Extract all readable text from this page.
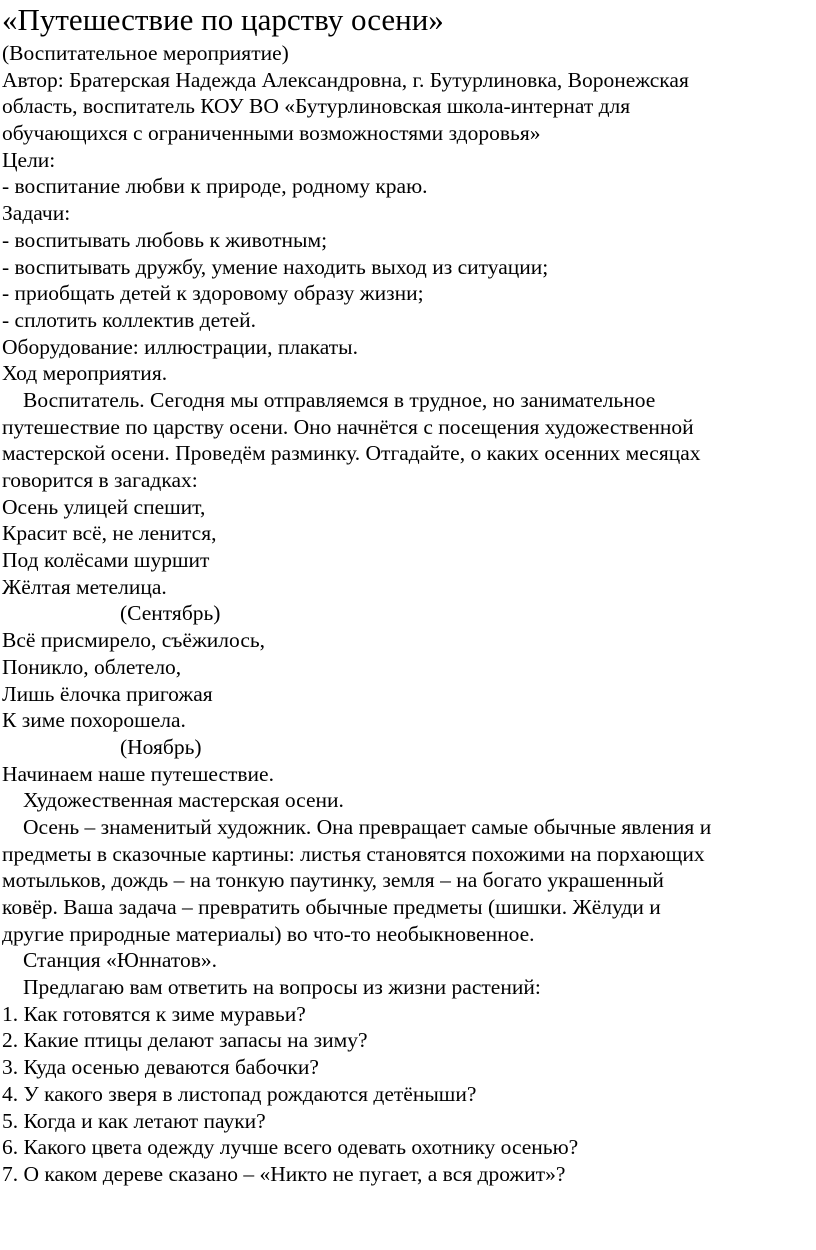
«Путешествие по царству осени»
(Воспитательное мероприятие)
Автор: Братерская Надежда Александровна, г. Бутурлиновка, Воронежская
область, воспитатель КОУ ВО «Бутурлиновская школа-интернат для
обучающихся с ограниченными возможностями здоровья»
Цели:
- воспитание любви к природе, родному краю.
Задачи:
- воспитывать любовь к животным;
- воспитывать дружбу, умение находить выход из ситуации;
- приобщать детей к здоровому образу жизни;
- сплотить коллектив детей.
Оборудование: иллюстрации, плакаты.
Ход мероприятия.
Воспитатель. Сегодня мы отправляемся в трудное, но занимательное
путешествие по царству осени. Оно начнётся с посещения художественной
мастерской осени. Проведём разминку. Отгадайте, о каких осенних месяцах
говорится в загадках:
Осень улицей спешит,
Красит всё, не ленится,
Под колёсами шуршит
Жёлтая метелица.
(Сентябрь)
Всё присмирело, съёжилось,
Поникло, облетело,
Лишь ёлочка пригожая
К зиме похорошела.
(Ноябрь)
Начинаем наше путешествие.
Художественная мастерская осени.
Осень – знаменитый художник. Она превращает самые обычные явления и
предметы в сказочные картины: листья становятся похожими на порхающих
мотыльков, дождь – на тонкую паутинку, земля – на богато украшенный
ковёр. Ваша задача – превратить обычные предметы (шишки. Жёлуди и
другие природные материалы) во что-то необыкновенное.
Станция «Юннатов».
Предлагаю вам ответить на вопросы из жизни растений:
1. Как готовятся к зиме муравьи?
2. Какие птицы делают запасы на зиму?
3. Куда осенью деваются бабочки?
4. У какого зверя в листопад рождаются детёныши?
5. Когда и как летают пауки?
6. Какого цвета одежду лучше всего одевать охотнику осенью?
7. О каком дереве сказано – «Никто не пугает, а вся дрожит»?
